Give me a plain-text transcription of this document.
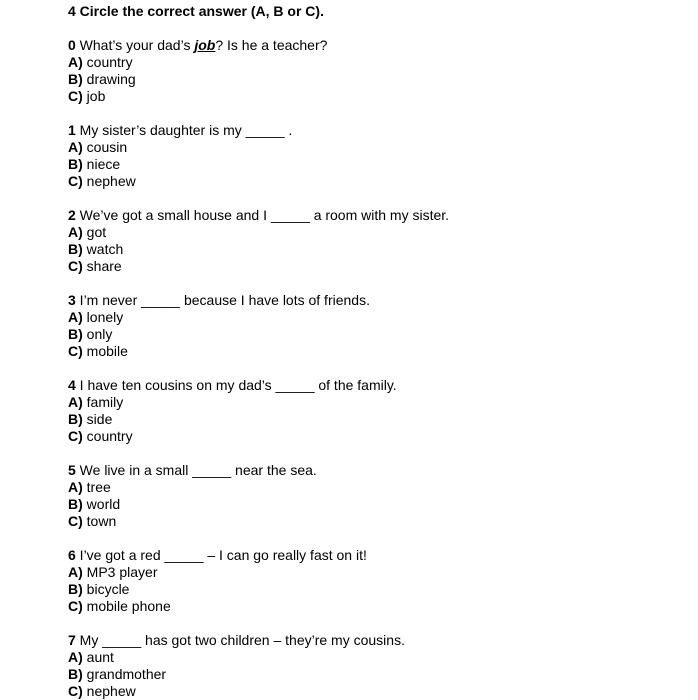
4 Circle the correct answer (A, B or C).
0 What’s your dad’s job? Is he a teacher?
A) country
B) drawing
C) job
1 My sister’s daughter is my _____ .
A) cousin
B) niece
C) nephew
2 We’ve got a small house and I _____ a room with my sister.
A) got
B) watch
C) share
3 I’m never _____ because I have lots of friends.
A) lonely
B) only
C) mobile
4 I have ten cousins on my dad’s _____ of the family.
A) family
B) side
C) country
5 We live in a small _____ near the sea.
A) tree
B) world
C) town
6 I’ve got a red _____ – I can go really fast on it!
A) MP3 player
B) bicycle
C) mobile phone
7 My _____ has got two children – they’re my cousins.
A) aunt
B) grandmother
C) nephew
